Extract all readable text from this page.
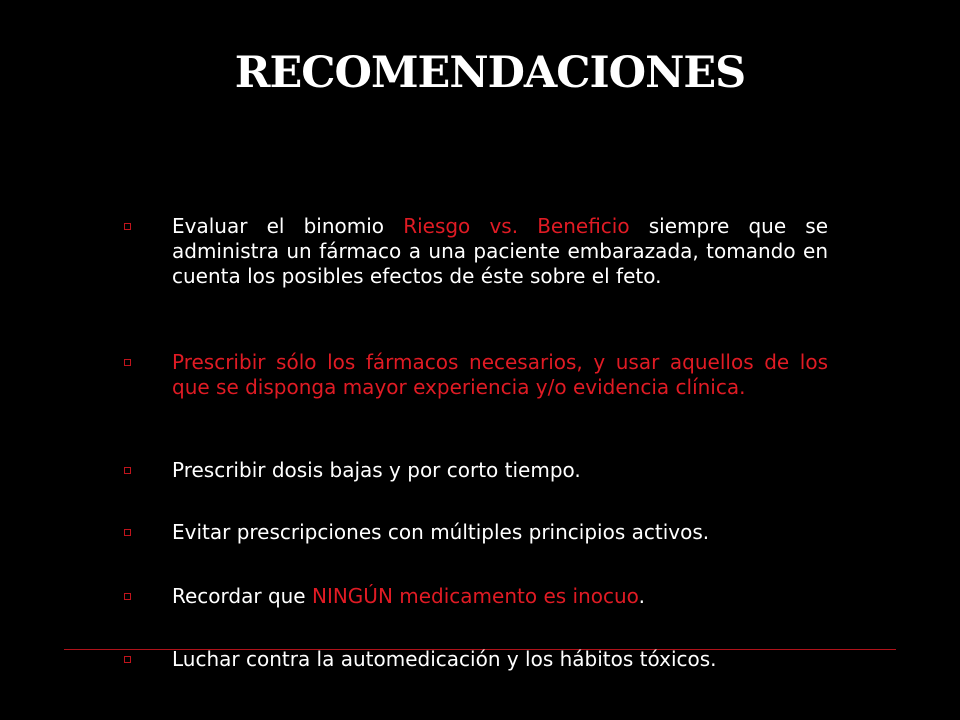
RECOMENDACIONES
Evaluar el binomio Riesgo vs. Beneficio siempre que se administra un fármaco a una paciente embarazada, tomando en cuenta los posibles efectos de éste sobre el feto.
Prescribir sólo los fármacos necesarios, y usar aquellos de los que se disponga mayor experiencia y/o evidencia clínica.
Prescribir dosis bajas y por corto tiempo.
Evitar prescripciones con múltiples principios activos.
Recordar que NINGÚN medicamento es inocuo.
Luchar contra la automedicación y los hábitos tóxicos.
